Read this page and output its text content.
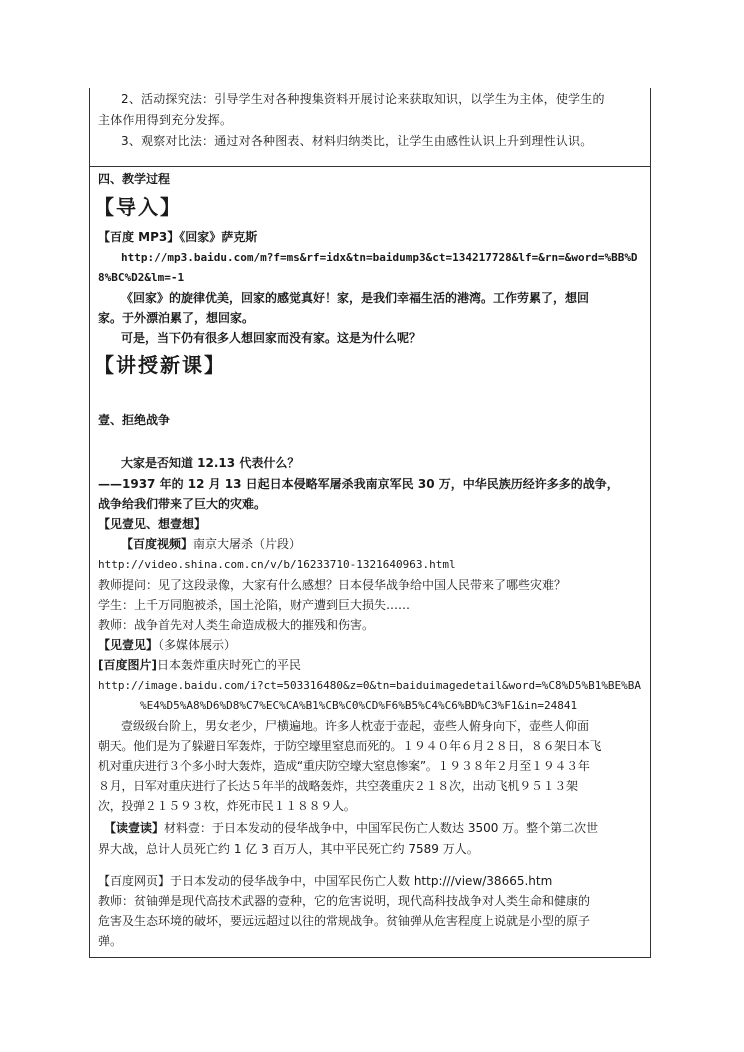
2、活动探究法：引导学生对各种搜集资料开展讨论来获取知识，以学生为主体，使学生的
主体作用得到充分发挥。
3、观察对比法：通过对各种图表、材料归纳类比，让学生由感性认识上升到理性认识。
四、教学过程
【导入】
【百度 MP3】《回家》萨克斯
http://mp3.baidu.com/m?f=ms&rf=idx&tn=baidump3&ct=134217728&lf=&rn=&word=%BB%D
8%BC%D2&lm=-1
《回家》的旋律优美，回家的感觉真好！家，是我们幸福生活的港湾。工作劳累了，想回
家。于外漂泊累了，想回家。
可是，当下仍有很多人想回家而没有家。这是为什么呢？
【讲授新课】
壹、拒绝战争
大家是否知道 12.13 代表什么？
——1937 年的 12 月 13 日起日本侵略军屠杀我南京军民 30 万，中华民族历经许多多的战争，
战争给我们带来了巨大的灾难。
【见壹见、想壹想】
【百度视频】南京大屠杀（片段）
http://video.shina.com.cn/v/b/16233710-1321640963.html
教师提问：见了这段录像，大家有什么感想？日本侵华战争给中国人民带来了哪些灾难？
学生：上千万同胞被杀，国土沦陷，财产遭到巨大损失……
教师：战争首先对人类生命造成极大的摧残和伤害。
【见壹见】（多媒体展示）
[百度图片]日本轰炸重庆时死亡的平民
http://image.baidu.com/i?ct=503316480&z=0&tn=baiduimagedetail&word=%C8%D5%B1%BE%BA
%E4%D5%A8%D6%D8%C7%EC%CA%B1%CB%C0%CD%F6%B5%C4%C6%BD%C3%F1&in=24841
壹级级台阶上，男女老少，尸横遍地。许多人枕壶于壶起，壶些人俯身向下，壶些人仰面
朝天。他们是为了躲避日军轰炸，于防空壕里窒息而死的。１９４０年６月２８日，８６架日本飞
机对重庆进行３个多小时大轰炸，造成“重庆防空壕大窒息惨案”。１９３８年２月至１９４３年
８月，日军对重庆进行了长达５年半的战略轰炸，共空袭重庆２１８次，出动飞机９５１３架
次，投弹２１５９３枚，炸死市民１１８８９人。
【读壹读】材料壹：于日本发动的侵华战争中，中国军民伤亡人数达 3500 万。整个第二次世
界大战，总计人员死亡约 1 亿 3 百万人，其中平民死亡约 7589 万人。
【百度网页】于日本发动的侵华战争中，中国军民伤亡人数 http:///view/38665.htm
教师：贫铀弹是现代高技术武器的壹种，它的危害说明，现代高科技战争对人类生命和健康的
危害及生态环境的破坏，要远远超过以往的常规战争。贫铀弹从危害程度上说就是小型的原子
弹。
